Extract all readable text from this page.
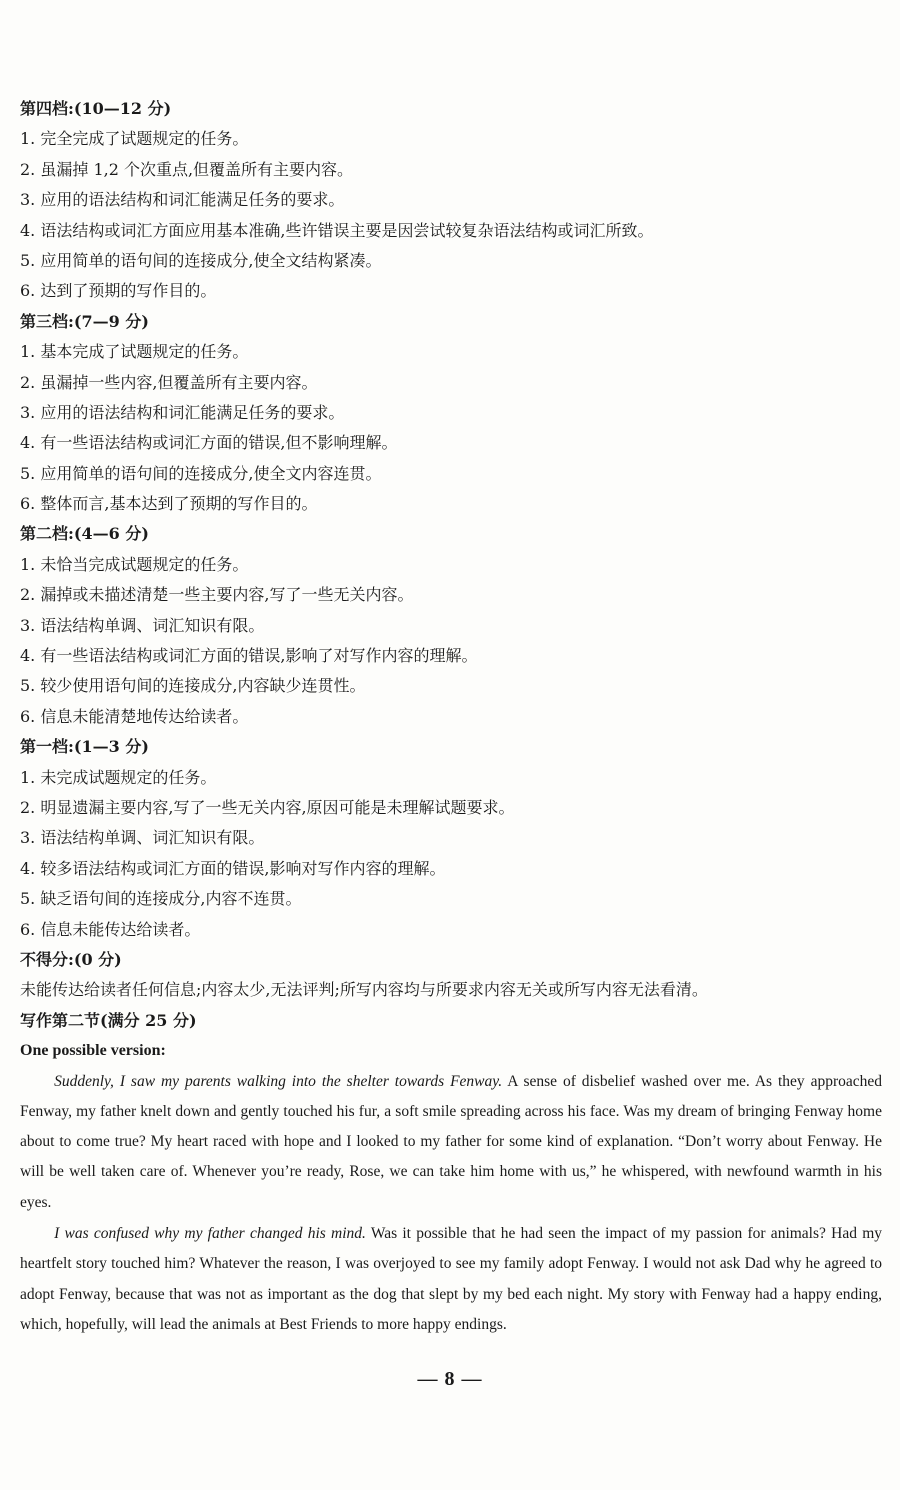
第四档:(10—12 分)
1. 完全完成了试题规定的任务。
2. 虽漏掉 1,2 个次重点,但覆盖所有主要内容。
3. 应用的语法结构和词汇能满足任务的要求。
4. 语法结构或词汇方面应用基本准确,些许错误主要是因尝试较复杂语法结构或词汇所致。
5. 应用简单的语句间的连接成分,使全文结构紧凑。
6. 达到了预期的写作目的。
第三档:(7—9 分)
1. 基本完成了试题规定的任务。
2. 虽漏掉一些内容,但覆盖所有主要内容。
3. 应用的语法结构和词汇能满足任务的要求。
4. 有一些语法结构或词汇方面的错误,但不影响理解。
5. 应用简单的语句间的连接成分,使全文内容连贯。
6. 整体而言,基本达到了预期的写作目的。
第二档:(4—6 分)
1. 未恰当完成试题规定的任务。
2. 漏掉或未描述清楚一些主要内容,写了一些无关内容。
3. 语法结构单调、词汇知识有限。
4. 有一些语法结构或词汇方面的错误,影响了对写作内容的理解。
5. 较少使用语句间的连接成分,内容缺少连贯性。
6. 信息未能清楚地传达给读者。
第一档:(1—3 分)
1. 未完成试题规定的任务。
2. 明显遗漏主要内容,写了一些无关内容,原因可能是未理解试题要求。
3. 语法结构单调、词汇知识有限。
4. 较多语法结构或词汇方面的错误,影响对写作内容的理解。
5. 缺乏语句间的连接成分,内容不连贯。
6. 信息未能传达给读者。
不得分:(0 分)
未能传达给读者任何信息;内容太少,无法评判;所写内容均与所要求内容无关或所写内容无法看清。
写作第二节(满分 25 分)
One possible version:

Suddenly, I saw my parents walking into the shelter towards Fenway. A sense of disbelief washed over me. As they approached Fenway, my father knelt down and gently touched his fur, a soft smile spreading across his face. Was my dream of bringing Fenway home about to come true? My heart raced with hope and I looked to my father for some kind of explanation. “Don’t worry about Fenway. He will be well taken care of. Whenever you’re ready, Rose, we can take him home with us,” he whispered, with newfound warmth in his eyes.

I was confused why my father changed his mind. Was it possible that he had seen the impact of my passion for animals? Had my heartfelt story touched him? Whatever the reason, I was overjoyed to see my family adopt Fenway. I would not ask Dad why he agreed to adopt Fenway, because that was not as important as the dog that slept by my bed each night. My story with Fenway had a happy ending, which, hopefully, will lead the animals at Best Friends to more happy endings.

— 8 —
